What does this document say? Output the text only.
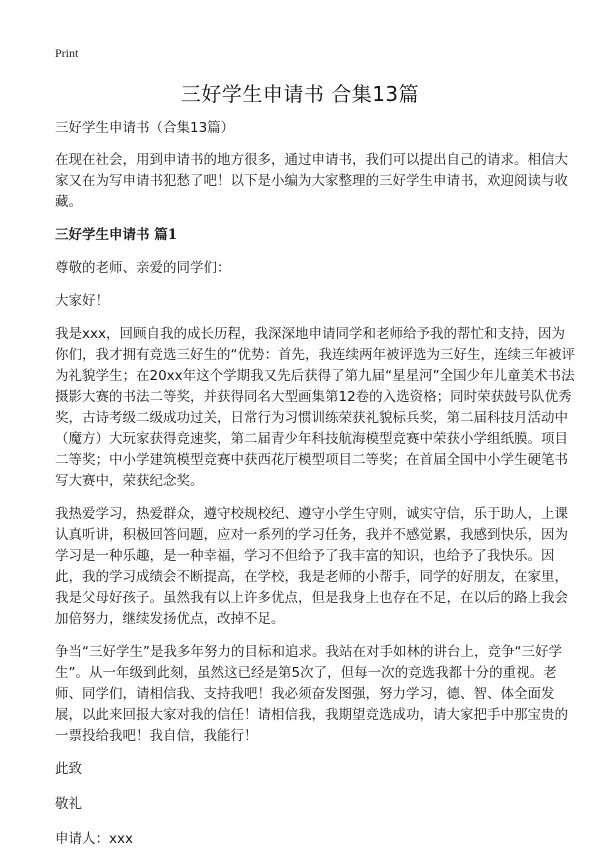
Print
三好学生申请书 合集13篇

三好学生申请书（合集13篇）

在现在社会，用到申请书的地方很多，通过申请书，我们可以提出自己的请求。相信大家又在为写申请书犯愁了吧！以下是小编为大家整理的三好学生申请书，欢迎阅读与收藏。

三好学生申请书 篇1

尊敬的老师、亲爱的同学们：

大家好！

我是xxx，回顾自我的成长历程，我深深地申请同学和老师给予我的帮忙和支持，因为你们，我才拥有竞选三好生的“优势：首先，我连续两年被评选为三好生，连续三年被评为礼貌学生；在20xx年这个学期我又先后获得了第九届“星星河”全国少年儿童美术书法摄影大赛的书法二等奖，并获得同名大型画集第12卷的入选资格；同时荣获鼓号队优秀奖，古诗考级二级成功过关，日常行为习惯训练荣获礼貌标兵奖，第二届科技月活动中（魔方）大玩家获得竞速奖，第二届青少年科技航海模型竞赛中荣获小学组纸膜。项目二等奖；中小学建筑模型竞赛中获西花厅模型项目二等奖；在首届全国中小学生硬笔书写大赛中，荣获纪念奖。

我热爱学习，热爱群众，遵守校规校纪、遵守小学生守则，诚实守信，乐于助人，上课认真听讲，积极回答问题，应对一系列的学习任务，我并不感觉累，我感到快乐，因为学习是一种乐趣，是一种幸福，学习不但给予了我丰富的知识，也给予了我快乐。因此，我的学习成绩会不断提高，在学校，我是老师的小帮手，同学的好朋友，在家里，我是父母好孩子。虽然我有以上许多优点，但是我身上也存在不足，在以后的路上我会加倍努力，继续发扬优点，改掉不足。

争当“三好学生”是我多年努力的目标和追求。我站在对手如林的讲台上，竞争“三好学生”。从一年级到此刻，虽然这已经是第5次了，但每一次的竞选我都十分的重视。老师、同学们，请相信我、支持我吧！我必须奋发图强，努力学习，德、智、体全面发展，以此来回报大家对我的信任！请相信我，我期望竞选成功，请大家把手中那宝贵的一票投给我吧！我自信，我能行！

此致

敬礼

申请人：xxx
